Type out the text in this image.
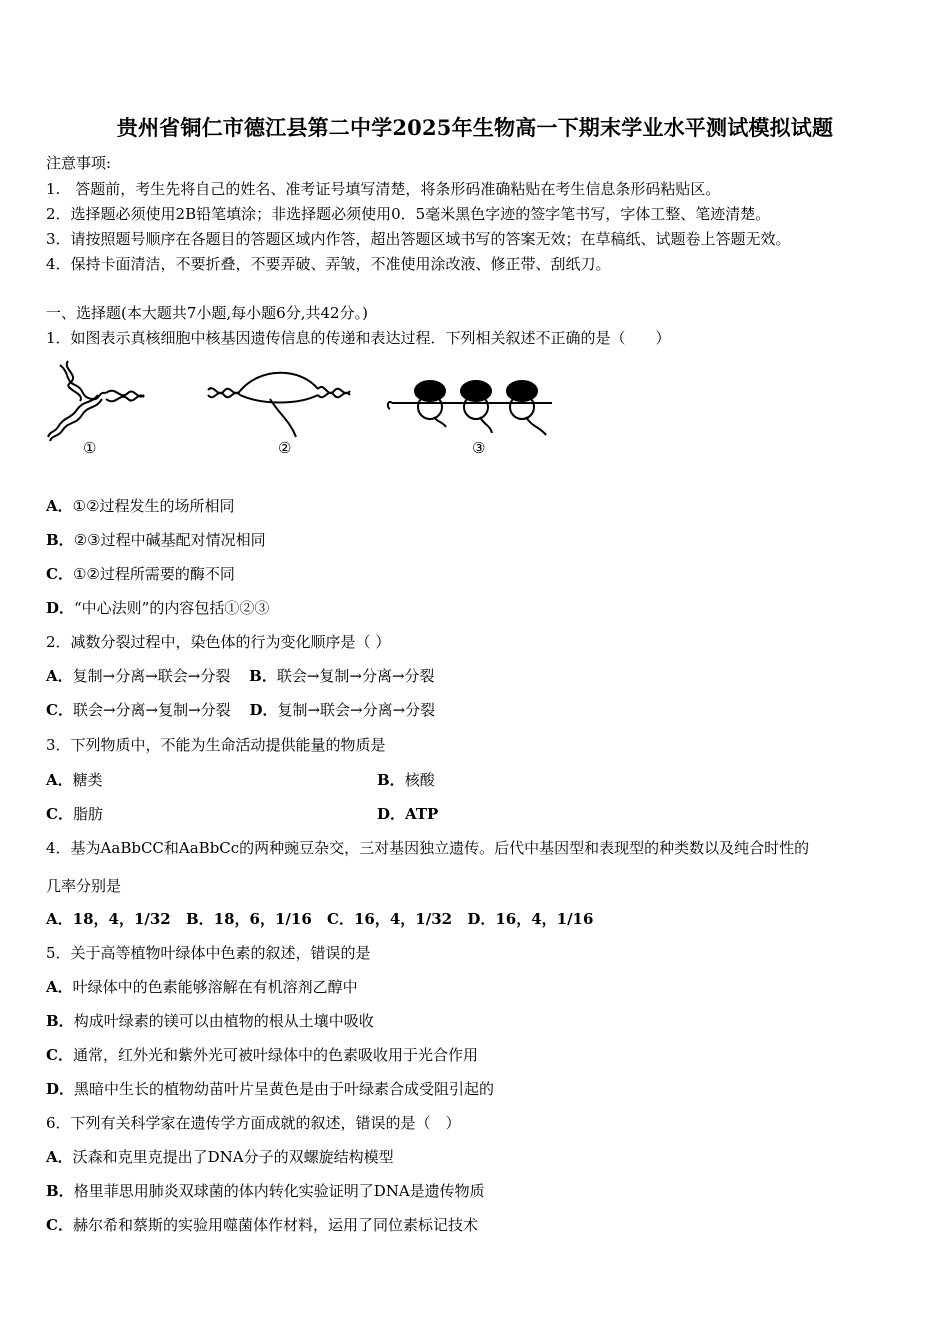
贵州省铜仁市德江县第二中学2025年生物高一下期末学业水平测试模拟试题
注意事项:
1.　答题前，考生先将自己的姓名、准考证号填写清楚，将条形码准确粘贴在考生信息条形码粘贴区。
2．选择题必须使用2B铅笔填涂；非选择题必须使用0．5毫米黑色字迹的签字笔书写，字体工整、笔迹清楚。
3．请按照题号顺序在各题目的答题区域内作答，超出答题区域书写的答案无效；在草稿纸、试题卷上答题无效。
4．保持卡面清洁，不要折叠，不要弄破、弄皱，不准使用涂改液、修正带、刮纸刀。
一、选择题(本大题共7小题,每小题6分,共42分。)
1．如图表示真核细胞中核基因遗传信息的传递和表达过程．下列相关叙述不正确的是（　　）
①	②	③
A．①②过程发生的场所相同
B．②③过程中碱基配对情况相同
C．①②过程所需要的酶不同
D．“中心法则”的内容包括①②③
2．减数分裂过程中，染色体的行为变化顺序是（ ）
A．复制→分离→联会→分裂 B．联会→复制→分离→分裂
C．联会→分离→复制→分裂 D．复制→联会→分离→分裂
3．下列物质中，不能为生命活动提供能量的物质是
A．糖类	B．核酸
C．脂肪	D．ATP
4．基为AaBbCC和AaBbCc的两种豌豆杂交，三对基因独立遗传。后代中基因型和表现型的种类数以及纯合时性的
几率分别是
A．18，4，1/32 B．18，6，1/16 C．16，4，1/32 D．16，4，1/16
5．关于高等植物叶绿体中色素的叙述，错误的是
A．叶绿体中的色素能够溶解在有机溶剂乙醇中
B．构成叶绿素的镁可以由植物的根从土壤中吸收
C．通常，红外光和紫外光可被叶绿体中的色素吸收用于光合作用
D．黑暗中生长的植物幼苗叶片呈黄色是由于叶绿素合成受阻引起的
6．下列有关科学家在遗传学方面成就的叙述，错误的是（　）
A．沃森和克里克提出了DNA分子的双螺旋结构模型
B．格里菲思用肺炎双球菌的体内转化实验证明了DNA是遗传物质
C．赫尔希和蔡斯的实验用噬菌体作材料，运用了同位素标记技术
